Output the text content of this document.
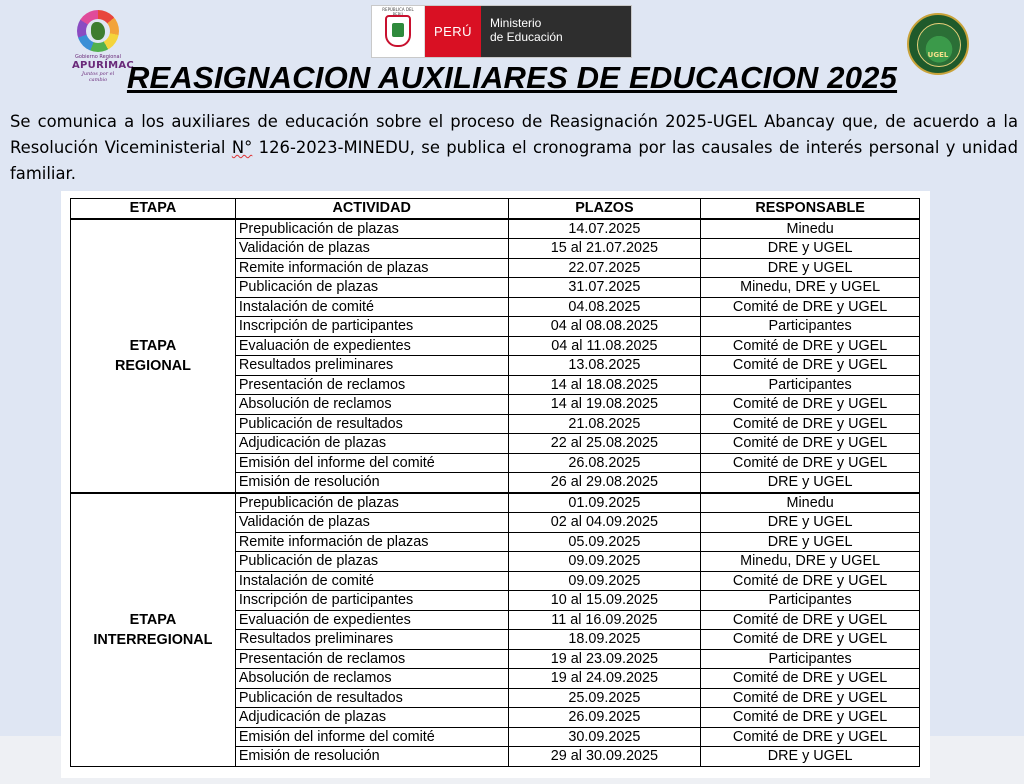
Gobierno Regional
APURÍMAC
Juntos por el cambio
REPÚBLICA DEL
PERÚ
Ministerio
de Educación
UGEL
REASIGNACION AUXILIARES DE EDUCACION 2025
Se comunica a los auxiliares de educación sobre el proceso de Reasignación 2025-UGEL Abancay que, de acuerdo a la Resolución Viceministerial N° 126-2023-MINEDU, se publica el cronograma por las causales de interés personal y unidad familiar.
ETAPA	ACTIVIDAD	PLAZOS	RESPONSABLE

ETAPA
REGIONAL	Prepublicación de plazas	14.07.2025	Minedu
	Validación de plazas	15 al 21.07.2025	DRE y UGEL
	Remite información de plazas	22.07.2025	DRE y UGEL
	Publicación de plazas	31.07.2025	Minedu, DRE y UGEL
	Instalación de comité	04.08.2025	Comité de DRE y UGEL
	Inscripción de participantes	04 al 08.08.2025	Participantes
	Evaluación de expedientes	04 al 11.08.2025	Comité de DRE y UGEL
	Resultados preliminares	13.08.2025	Comité de DRE y UGEL
	Presentación de reclamos	14 al 18.08.2025	Participantes
	Absolución de reclamos	14 al 19.08.2025	Comité de DRE y UGEL
	Publicación de resultados	21.08.2025	Comité de DRE y UGEL
	Adjudicación de plazas	22 al 25.08.2025	Comité de DRE y UGEL
	Emisión del informe del comité	26.08.2025	Comité de DRE y UGEL
	Emisión de resolución	26 al 29.08.2025	DRE y UGEL

ETAPA
INTERREGIONAL	Prepublicación de plazas	01.09.2025	Minedu
	Validación de plazas	02 al 04.09.2025	DRE y UGEL
	Remite información de plazas	05.09.2025	DRE y UGEL
	Publicación de plazas	09.09.2025	Minedu, DRE y UGEL
	Instalación de comité	09.09.2025	Comité de DRE y UGEL
	Inscripción de participantes	10 al 15.09.2025	Participantes
	Evaluación de expedientes	11 al 16.09.2025	Comité de DRE y UGEL
	Resultados preliminares	18.09.2025	Comité de DRE y UGEL
	Presentación de reclamos	19 al 23.09.2025	Participantes
	Absolución de reclamos	19 al 24.09.2025	Comité de DRE y UGEL
	Publicación de resultados	25.09.2025	Comité de DRE y UGEL
	Adjudicación de plazas	26.09.2025	Comité de DRE y UGEL
	Emisión del informe del comité	30.09.2025	Comité de DRE y UGEL
	Emisión de resolución	29 al 30.09.2025	DRE y UGEL
